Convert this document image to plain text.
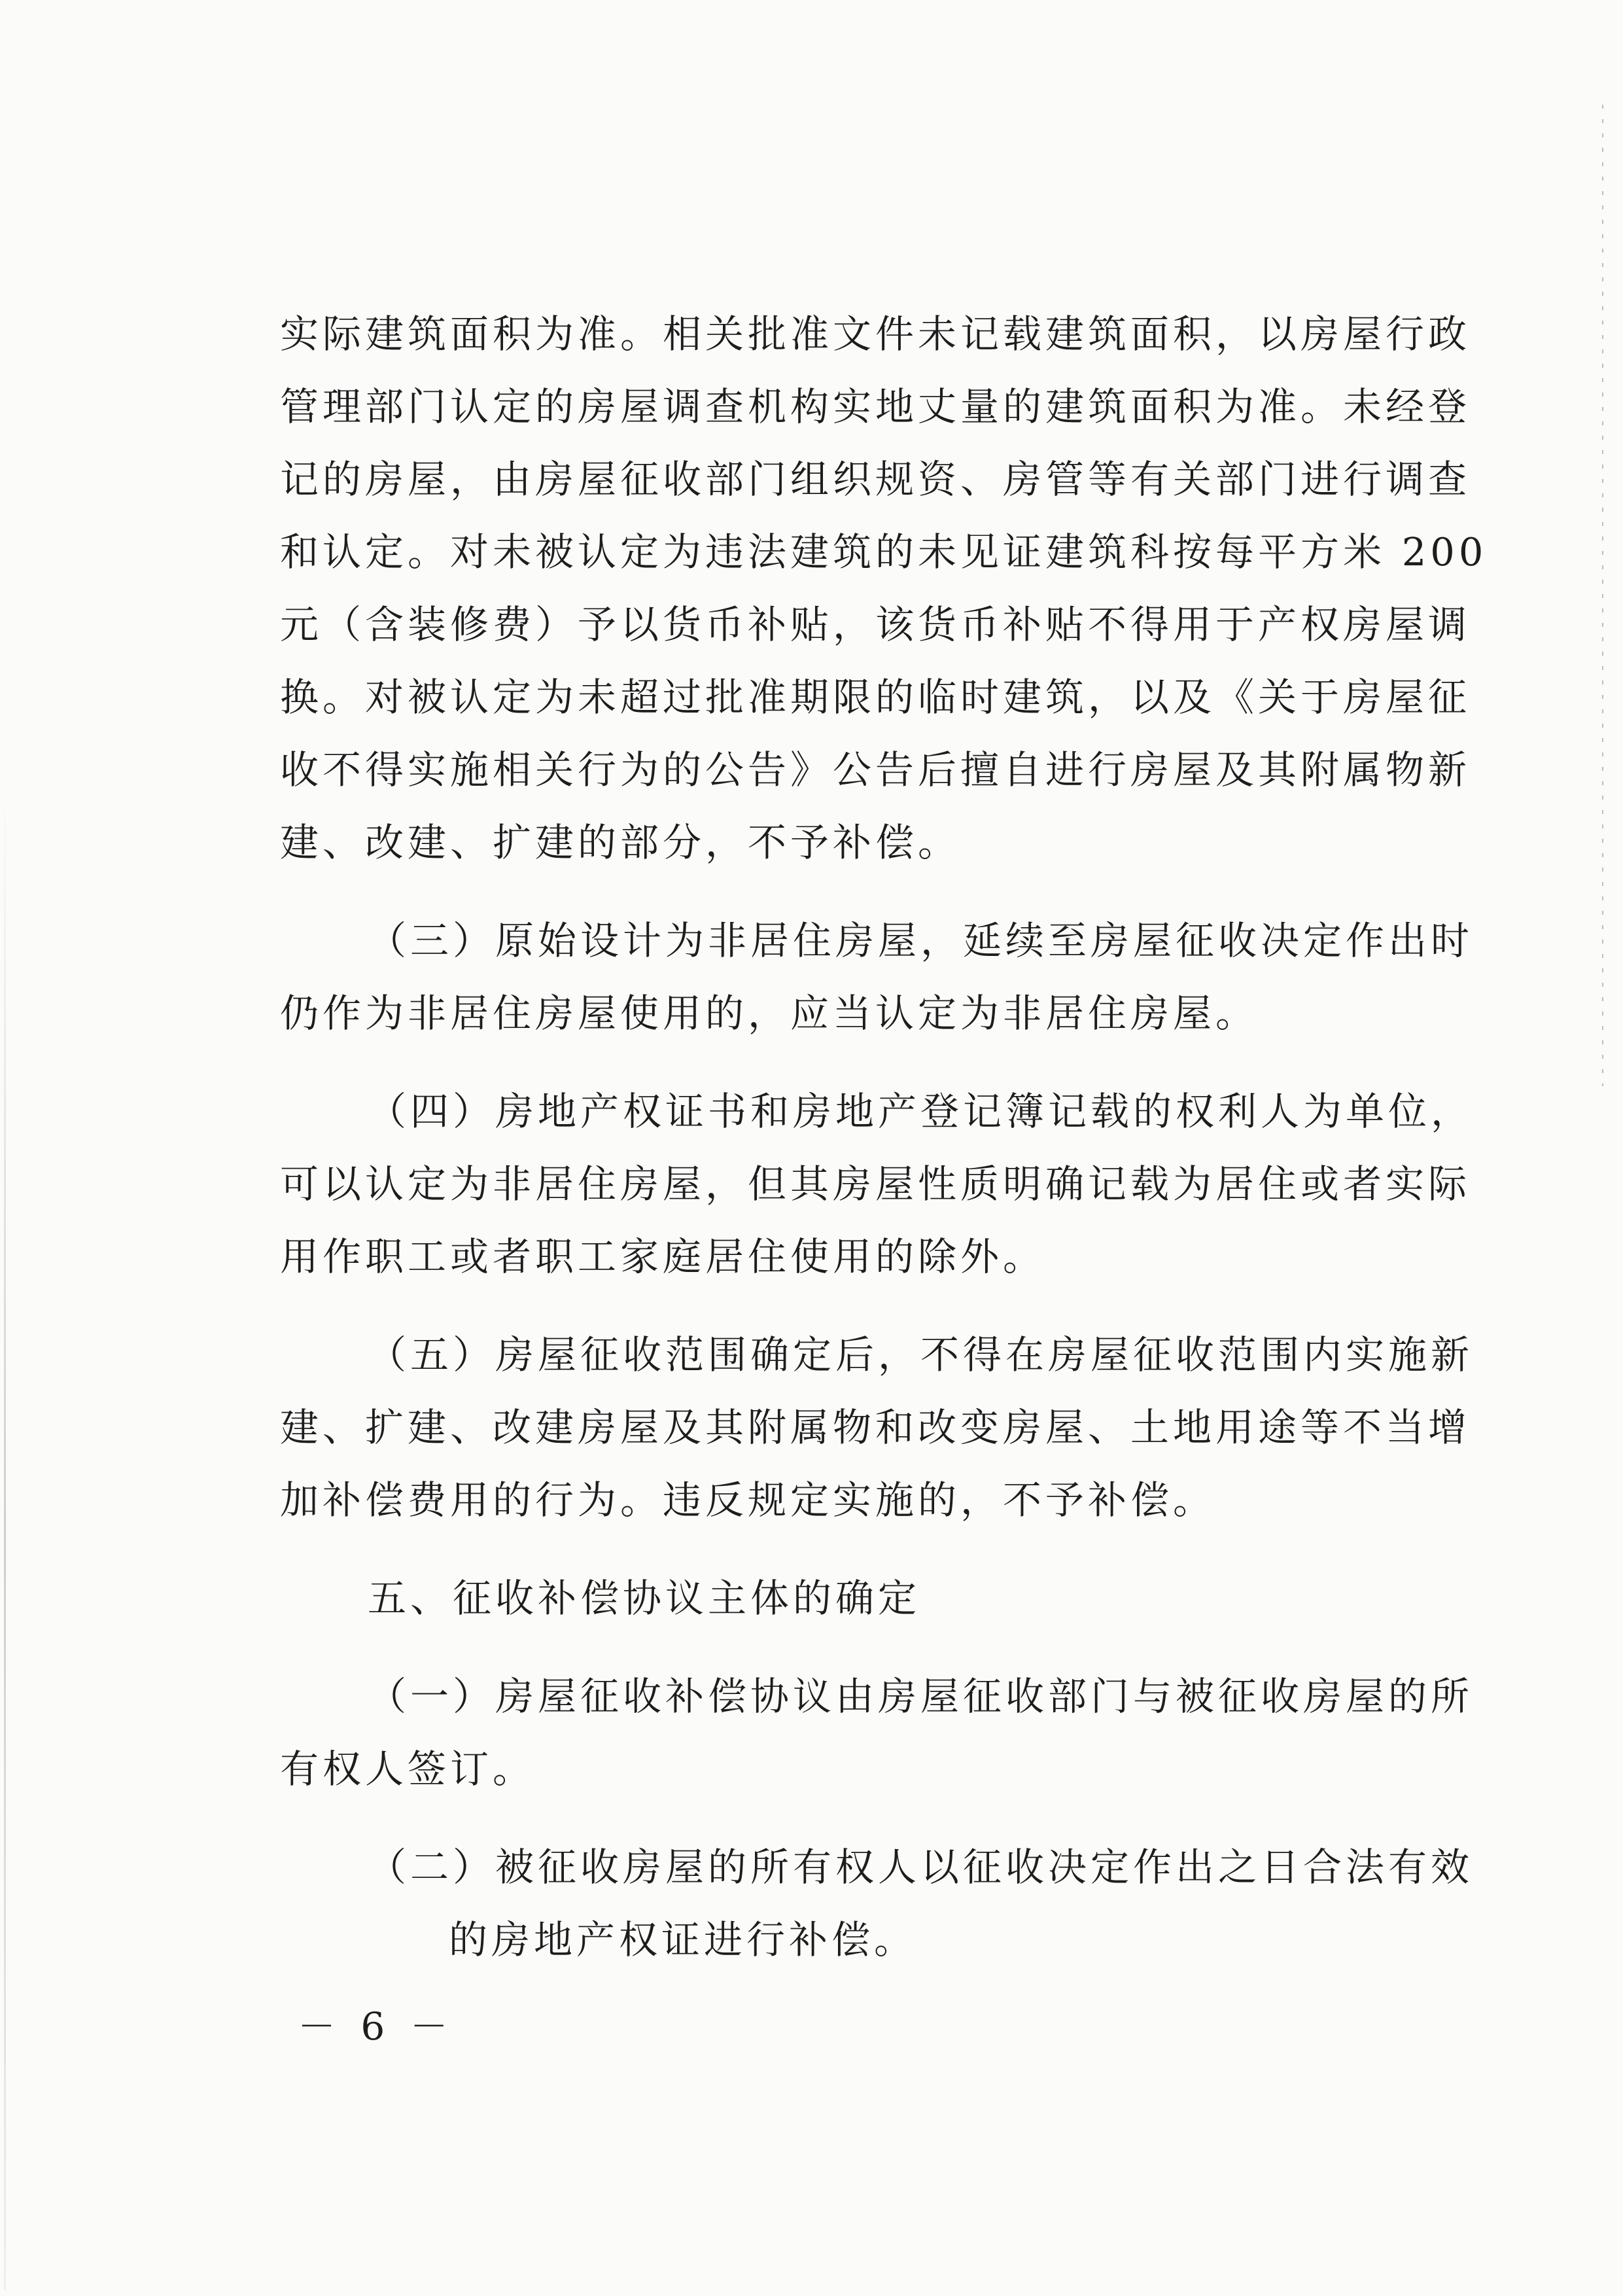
实际建筑面积为准。相关批准文件未记载建筑面积，以房屋行政
管理部门认定的房屋调查机构实地丈量的建筑面积为准。未经登
记的房屋，由房屋征收部门组织规资、房管等有关部门进行调查
和认定。对未被认定为违法建筑的未见证建筑科按每平方米 200
元（含装修费）予以货币补贴，该货币补贴不得用于产权房屋调
换。对被认定为未超过批准期限的临时建筑，以及《关于房屋征
收不得实施相关行为的公告》公告后擅自进行房屋及其附属物新
建、改建、扩建的部分，不予补偿。
（三）原始设计为非居住房屋，延续至房屋征收决定作出时
仍作为非居住房屋使用的，应当认定为非居住房屋。
（四）房地产权证书和房地产登记簿记载的权利人为单位，
可以认定为非居住房屋，但其房屋性质明确记载为居住或者实际
用作职工或者职工家庭居住使用的除外。
（五）房屋征收范围确定后，不得在房屋征收范围内实施新
建、扩建、改建房屋及其附属物和改变房屋、土地用途等不当增
加补偿费用的行为。违反规定实施的，不予补偿。
五、征收补偿协议主体的确定
（一）房屋征收补偿协议由房屋征收部门与被征收房屋的所
有权人签订。
（二）被征收房屋的所有权人以征收决定作出之日合法有效
的房地产权证进行补偿。
－ 6 －
